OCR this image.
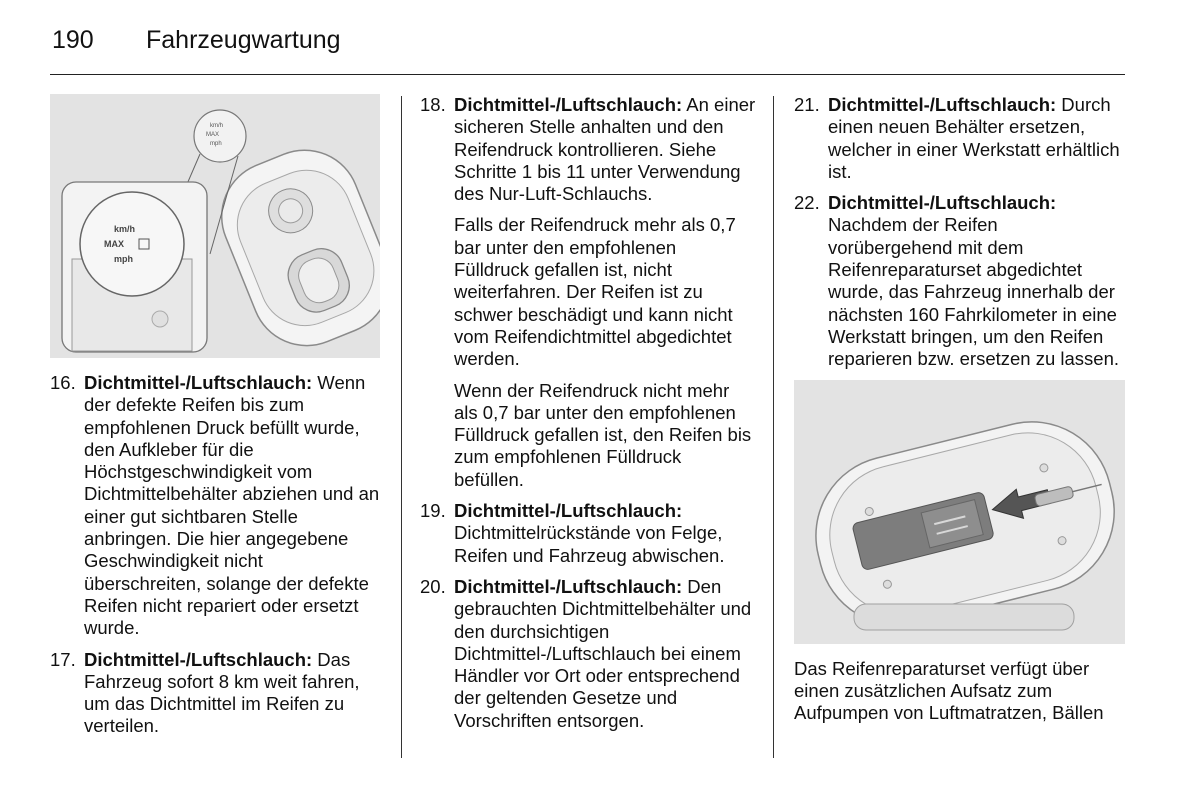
190 Fahrzeugwartung
km/h
MAX
mph
km/h
MAX
mph
16. Dichtmittel-/Luftschlauch: Wenn der defekte Reifen bis zum empfohlenen Druck befüllt wurde, den Aufkleber für die Höchstgeschwindigkeit vom Dichtmittelbehälter abziehen und an einer gut sichtbaren Stelle anbringen. Die hier angegebene Geschwindigkeit nicht überschreiten, solange der defekte Reifen nicht repariert oder ersetzt wurde.
17. Dichtmittel-/Luftschlauch: Das Fahrzeug sofort 8 km weit fahren, um das Dichtmittel im Reifen zu verteilen.
18. Dichtmittel-/Luftschlauch: An einer sicheren Stelle anhalten und den Reifendruck kontrollieren. Siehe Schritte 1 bis 11 unter Verwendung des Nur-Luft-Schlauchs.
Falls der Reifendruck mehr als 0,7 bar unter den empfohlenen Fülldruck gefallen ist, nicht weiterfahren. Der Reifen ist zu schwer beschädigt und kann nicht vom Reifendichtmittel abgedichtet werden.
Wenn der Reifendruck nicht mehr als 0,7 bar unter den empfohlenen Fülldruck gefallen ist, den Reifen bis zum empfohlenen Fülldruck befüllen.
19. Dichtmittel-/Luftschlauch: Dichtmittelrückstände von Felge, Reifen und Fahrzeug abwischen.
20. Dichtmittel-/Luftschlauch: Den gebrauchten Dichtmittelbehälter und den durchsichtigen Dichtmittel-/Luftschlauch bei einem Händler vor Ort oder entsprechend der geltenden Gesetze und Vorschriften entsorgen.
21. Dichtmittel-/Luftschlauch: Durch einen neuen Behälter ersetzen, welcher in einer Werkstatt erhältlich ist.
22. Dichtmittel-/Luftschlauch: Nachdem der Reifen vorübergehend mit dem Reifenreparaturset abgedichtet wurde, das Fahrzeug innerhalb der nächsten 160 Fahrkilometer in eine Werkstatt bringen, um den Reifen reparieren bzw. ersetzen zu lassen.

Das Reifenreparaturset verfügt über einen zusätzlichen Aufsatz zum Aufpumpen von Luftmatratzen, Bällen
